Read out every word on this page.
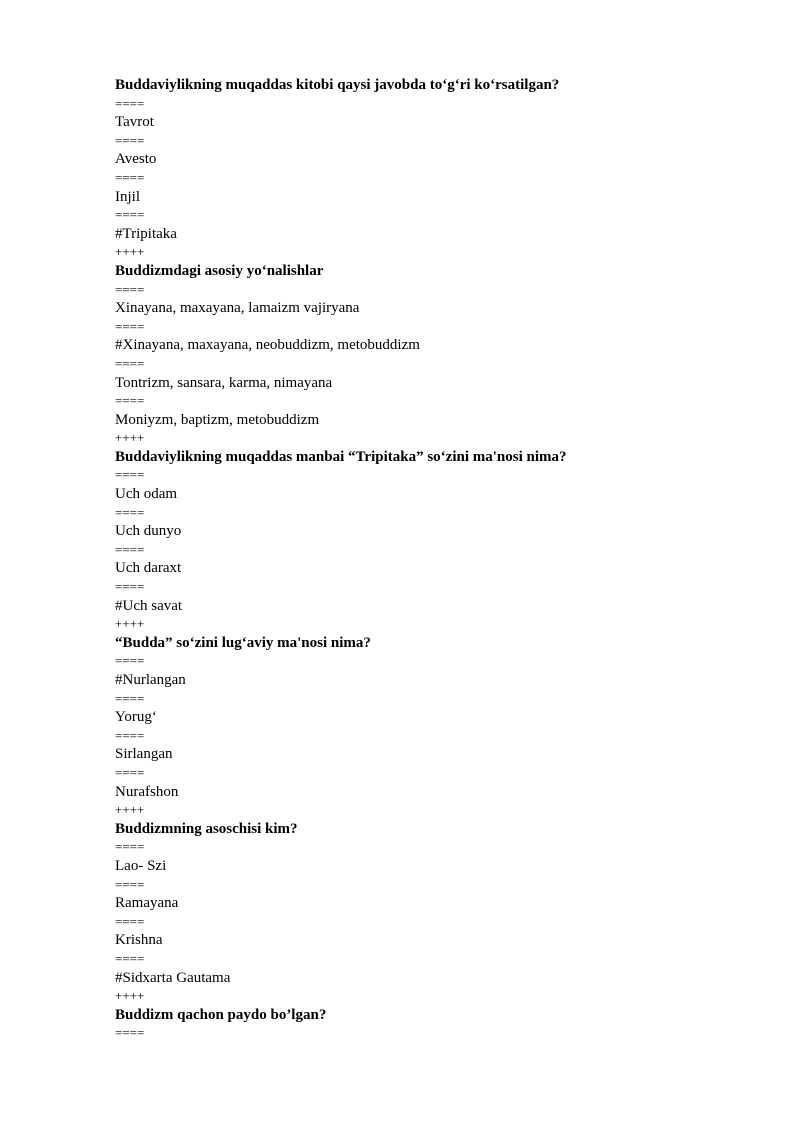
Buddaviylikning muqaddas kitobi qaysi javobda to‘g‘ri ko‘rsatilgan?
====
Tavrot
====
Avesto
====
Injil
====
#Tripitaka
++++
Buddizmdagi asosiy yo‘nalishlar
====
Xinayana, maxayana, lamaizm vajiryana
====
#Xinayana, maxayana, neobuddizm, metobuddizm
====
Tontrizm, sansara, karma, nimayana
====
Moniyzm, baptizm, metobuddizm
++++
Buddaviylikning muqaddas manbai “Tripitaka” so‘zini ma'nosi nima?
====
Uch odam
====
Uch dunyo
====
Uch daraxt
====
#Uch savat
++++
“Budda” so‘zini lug‘aviy ma'nosi nima?
====
#Nurlangan
====
Yorug‘
====
Sirlangan
====
Nurafshon
++++
Buddizmning asoschisi kim?
====
Lao- Szi
====
Ramayana
====
Krishna
====
#Sidxarta Gautama
++++
Buddizm qachon paydo bo’lgan?
====
